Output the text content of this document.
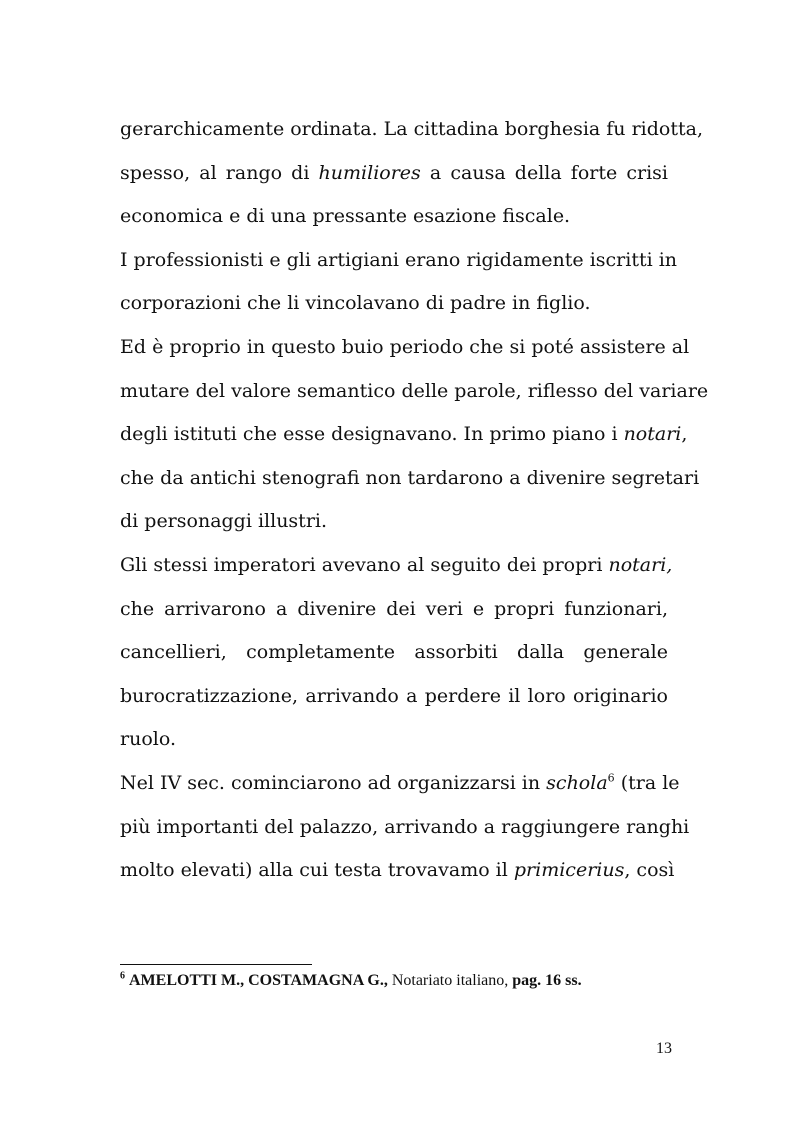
gerarchicamente ordinata. La cittadina borghesia fu ridotta,
spesso, al rango di humiliores a causa della forte crisi
economica e di una pressante esazione fiscale.
I professionisti e gli artigiani erano rigidamente iscritti in
corporazioni che li vincolavano di padre in figlio.
Ed è proprio in questo buio periodo che si poté assistere al
mutare del valore semantico delle parole, riflesso del variare
degli istituti che esse designavano. In primo piano i notari,
che da antichi stenografi non tardarono a divenire segretari
di personaggi illustri.
Gli stessi imperatori avevano al seguito dei propri notari,
che arrivarono a divenire dei veri e propri funzionari,
cancellieri, completamente assorbiti dalla generale
burocratizzazione, arrivando a perdere il loro originario
ruolo.
Nel IV sec. cominciarono ad organizzarsi in schola$^6$ (tra le
più importanti del palazzo, arrivando a raggiungere ranghi
molto elevati) alla cui testa trovavamo il primicerius, così
$^6$ AMELOTTI M., COSTAMAGNA G., Notariato italiano, pag. 16 ss.
13
